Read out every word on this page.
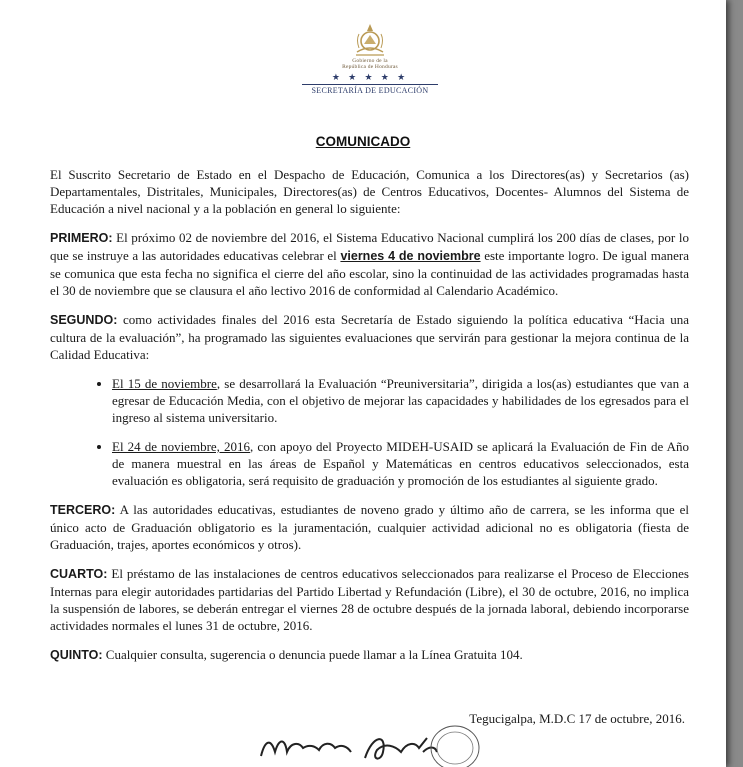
Gobierno de la
República de Honduras
★ ★ ★ ★ ★
SECRETARÍA DE EDUCACIÓN
COMUNICADO

El Suscrito Secretario de Estado en el Despacho de Educación, Comunica a los Directores(as) y Secretarios (as) Departamentales, Distritales, Municipales, Directores(as) de Centros Educativos, Docentes- Alumnos del Sistema de Educación a nivel nacional y a la población en general lo siguiente:

PRIMERO: El próximo 02 de noviembre del 2016, el Sistema Educativo Nacional cumplirá los 200 días de clases, por lo que se instruye a las autoridades educativas celebrar el viernes 4 de noviembre este importante logro. De igual manera se comunica que esta fecha no significa el cierre del año escolar, sino la continuidad de las actividades programadas hasta el 30 de noviembre que se clausura el año lectivo 2016 de conformidad al Calendario Académico.

SEGUNDO: como actividades finales del 2016 esta Secretaría de Estado siguiendo la política educativa “Hacia una cultura de la evaluación”, ha programado las siguientes evaluaciones que servirán para gestionar la mejora continua de la Calidad Educativa:

• El 15 de noviembre, se desarrollará la Evaluación “Preuniversitaria”, dirigida a los(as) estudiantes que van a egresar de Educación Media, con el objetivo de mejorar las capacidades y habilidades de los egresados para el ingreso al sistema universitario.
• El 24 de noviembre, 2016, con apoyo del Proyecto MIDEH-USAID se aplicará la Evaluación de Fin de Año de manera muestral en las áreas de Español y Matemáticas en centros educativos seleccionados, esta evaluación es obligatoria, será requisito de graduación y promoción de los estudiantes al siguiente grado.

TERCERO: A las autoridades educativas, estudiantes de noveno grado y último año de carrera, se les informa que el único acto de Graduación obligatorio es la juramentación, cualquier actividad adicional no es obligatoria (fiesta de Graduación, trajes, aportes económicos y otros).

CUARTO: El préstamo de las instalaciones de centros educativos seleccionados para realizarse el Proceso de Elecciones Internas para elegir autoridades partidarias del Partido Libertad y Refundación (Libre), el 30 de octubre, 2016, no implica la suspensión de labores, se deberán entregar el viernes 28 de octubre después de la jornada laboral, debiendo incorporarse actividades normales el lunes 31 de octubre, 2016.

QUINTO: Cualquier consulta, sugerencia o denuncia puede llamar a la Línea Gratuita 104.

Tegucigalpa, M.D.C 17 de octubre, 2016.
